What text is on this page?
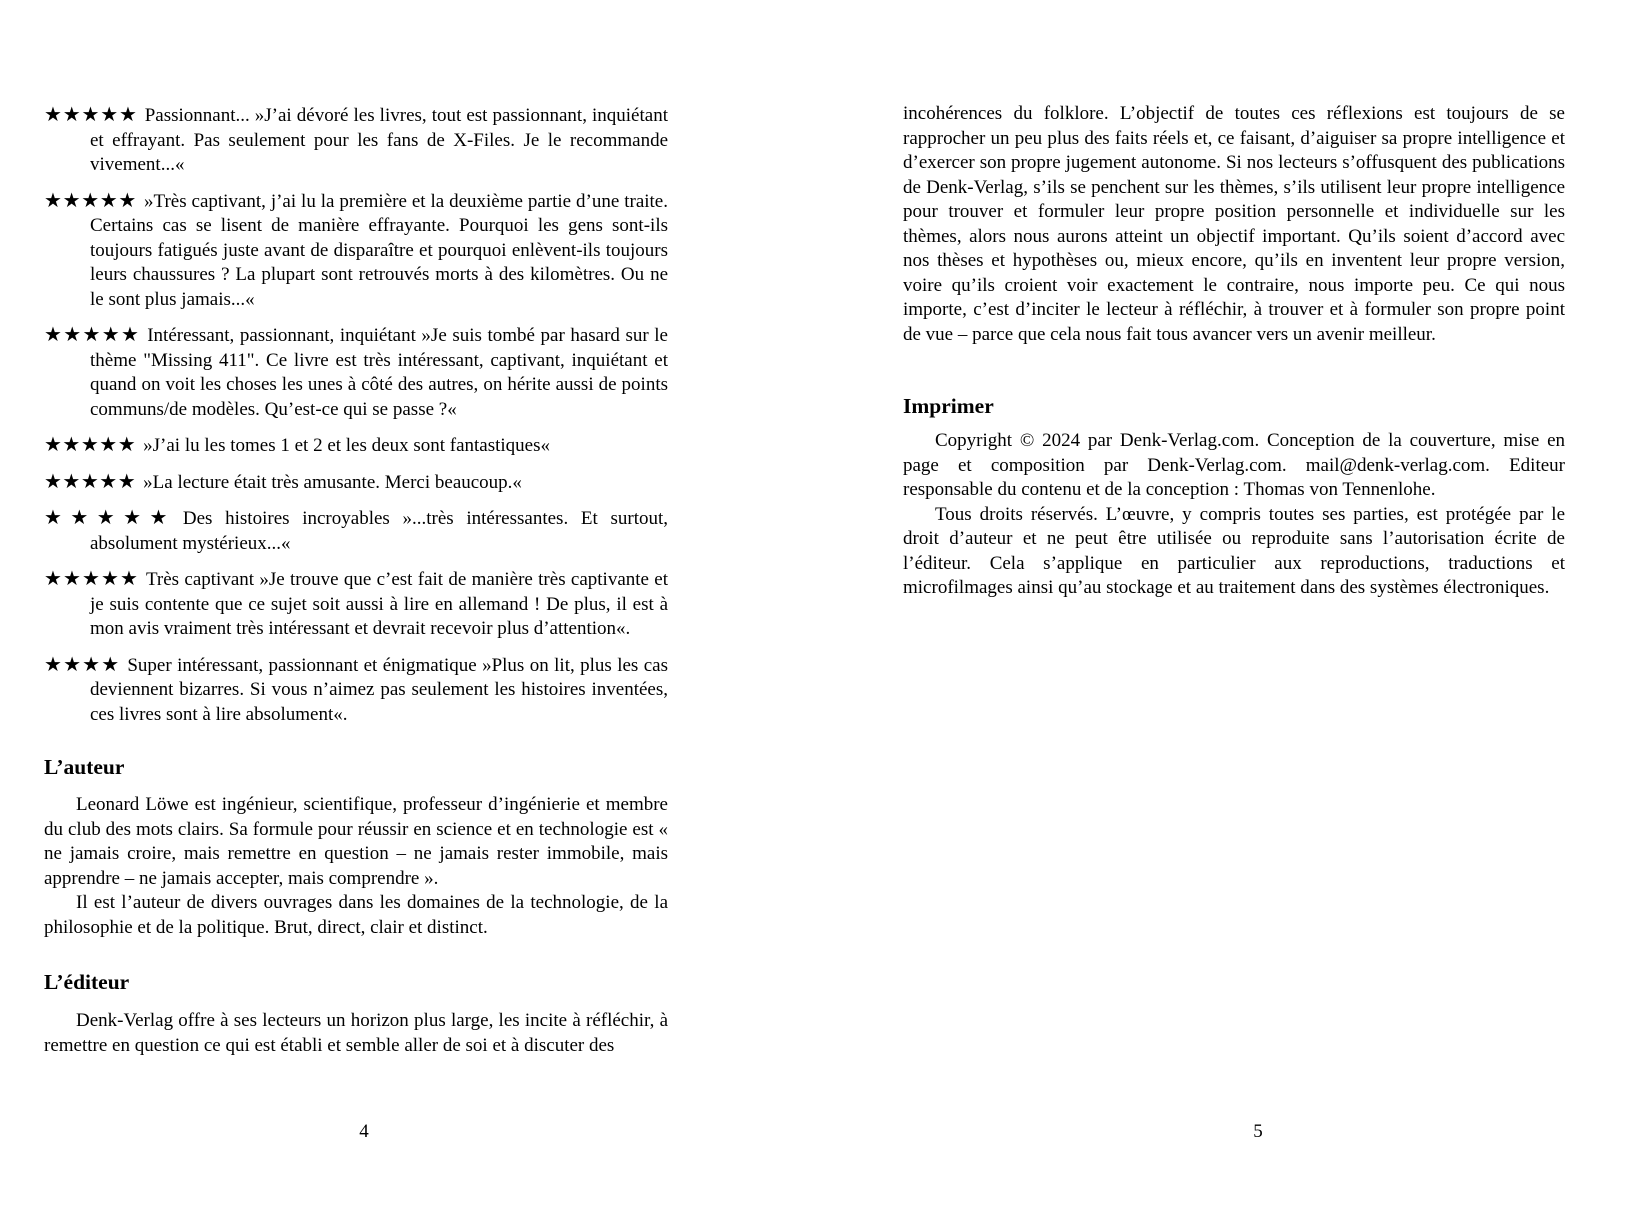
★★★★★ Passionnant... »J’ai dévoré les livres, tout est passionnant, inquiétant et effrayant. Pas seulement pour les fans de X-Files. Je le recommande vivement...«

★★★★★ »Très captivant, j’ai lu la première et la deuxième partie d’une traite. Certains cas se lisent de manière effrayante. Pourquoi les gens sont-ils toujours fatigués juste avant de disparaître et pourquoi enlèvent-ils toujours leurs chaussures ? La plupart sont retrouvés morts à des kilomètres. Ou ne le sont plus jamais...«

★★★★★ Intéressant, passionnant, inquiétant »Je suis tombé par hasard sur le thème "Missing 411". Ce livre est très intéressant, captivant, inquiétant et quand on voit les choses les unes à côté des autres, on hérite aussi de points communs/de modèles. Qu’est-ce qui se passe ?«

★★★★★ »J’ai lu les tomes 1 et 2 et les deux sont fantastiques«

★★★★★ »La lecture était très amusante. Merci beaucoup.«

★★★★★ Des histoires incroyables »...très intéressantes. Et surtout, absolument mystérieux...«

★★★★★ Très captivant »Je trouve que c’est fait de manière très captivante et je suis contente que ce sujet soit aussi à lire en allemand ! De plus, il est à mon avis vraiment très intéressant et devrait recevoir plus d’attention«.

★★★★ Super intéressant, passionnant et énigmatique »Plus on lit, plus les cas deviennent bizarres. Si vous n’aimez pas seulement les histoires inventées, ces livres sont à lire absolument«.

L’auteur

Leonard Löwe est ingénieur, scientifique, professeur d’ingénierie et membre du club des mots clairs. Sa formule pour réussir en science et en technologie est « ne jamais croire, mais remettre en question – ne jamais rester immobile, mais apprendre – ne jamais accepter, mais comprendre ».

Il est l’auteur de divers ouvrages dans les domaines de la technologie, de la philosophie et de la politique. Brut, direct, clair et distinct.

L’éditeur

Denk-Verlag offre à ses lecteurs un horizon plus large, les incite à réfléchir, à remettre en question ce qui est établi et semble aller de soi et à discuter des

incohérences du folklore. L’objectif de toutes ces réflexions est toujours de se rapprocher un peu plus des faits réels et, ce faisant, d’aiguiser sa propre intelligence et d’exercer son propre jugement autonome. Si nos lecteurs s’offusquent des publications de Denk-Verlag, s’ils se penchent sur les thèmes, s’ils utilisent leur propre intelligence pour trouver et formuler leur propre position personnelle et individuelle sur les thèmes, alors nous aurons atteint un objectif important. Qu’ils soient d’accord avec nos thèses et hypothèses ou, mieux encore, qu’ils en inventent leur propre version, voire qu’ils croient voir exactement le contraire, nous importe peu. Ce qui nous importe, c’est d’inciter le lecteur à réfléchir, à trouver et à formuler son propre point de vue – parce que cela nous fait tous avancer vers un avenir meilleur.

Imprimer

Copyright © 2024 par Denk-Verlag.com. Conception de la couverture, mise en page et composition par Denk-Verlag.com. mail@denk-verlag.com. Editeur responsable du contenu et de la conception : Thomas von Tennenlohe.

Tous droits réservés. L’œuvre, y compris toutes ses parties, est protégée par le droit d’auteur et ne peut être utilisée ou reproduite sans l’autorisation écrite de l’éditeur. Cela s’applique en particulier aux reproductions, traductions et microfilmages ainsi qu’au stockage et au traitement dans des systèmes électroniques.

4	5
